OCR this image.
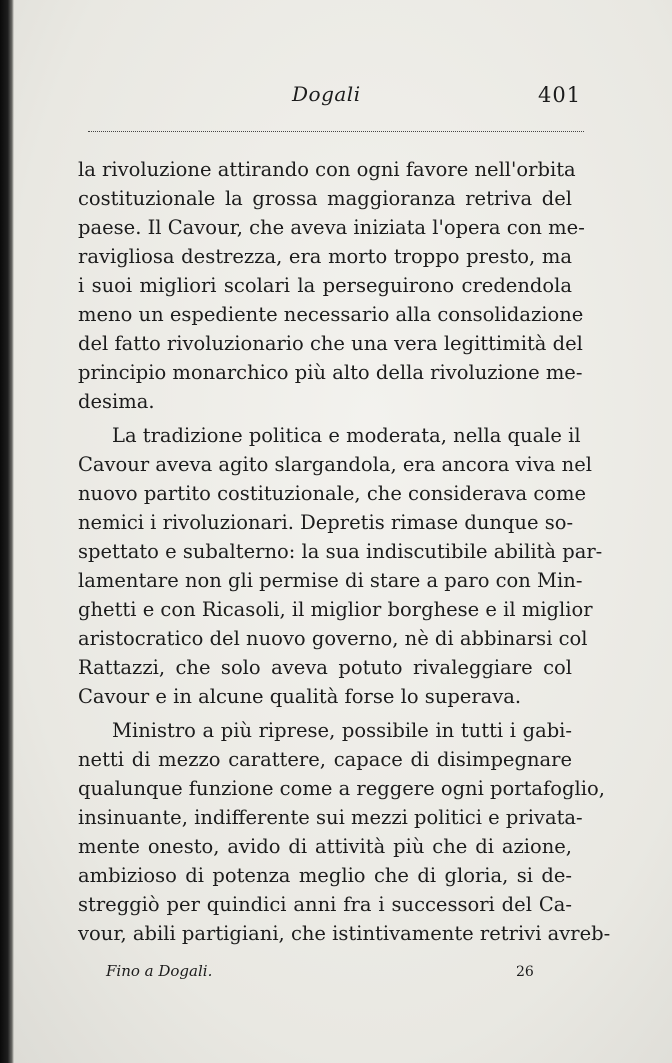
Dogali	401
la rivoluzione attirando con ogni favore nell'orbita
costituzionale la grossa maggioranza retriva del
paese. Il Cavour, che aveva iniziata l'opera con me-
ravigliosa destrezza, era morto troppo presto, ma
i suoi migliori scolari la perseguirono credendola
meno un espediente necessario alla consolidazione
del fatto rivoluzionario che una vera legittimità del
principio monarchico più alto della rivoluzione me-
desima.
La tradizione politica e moderata, nella quale il
Cavour aveva agito slargandola, era ancora viva nel
nuovo partito costituzionale, che considerava come
nemici i rivoluzionari. Depretis rimase dunque so-
spettato e subalterno: la sua indiscutibile abilità par-
lamentare non gli permise di stare a paro con Min-
ghetti e con Ricasoli, il miglior borghese e il miglior
aristocratico del nuovo governo, nè di abbinarsi col
Rattazzi, che solo aveva potuto rivaleggiare col
Cavour e in alcune qualità forse lo superava.
Ministro a più riprese, possibile in tutti i gabi-
netti di mezzo carattere, capace di disimpegnare
qualunque funzione come a reggere ogni portafoglio,
insinuante, indifferente sui mezzi politici e privata-
mente onesto, avido di attività più che di azione,
ambizioso di potenza meglio che di gloria, si de-
streggiò per quindici anni fra i successori del Ca-
vour, abili partigiani, che istintivamente retrivi avreb-
Fino a Dogali.	26
